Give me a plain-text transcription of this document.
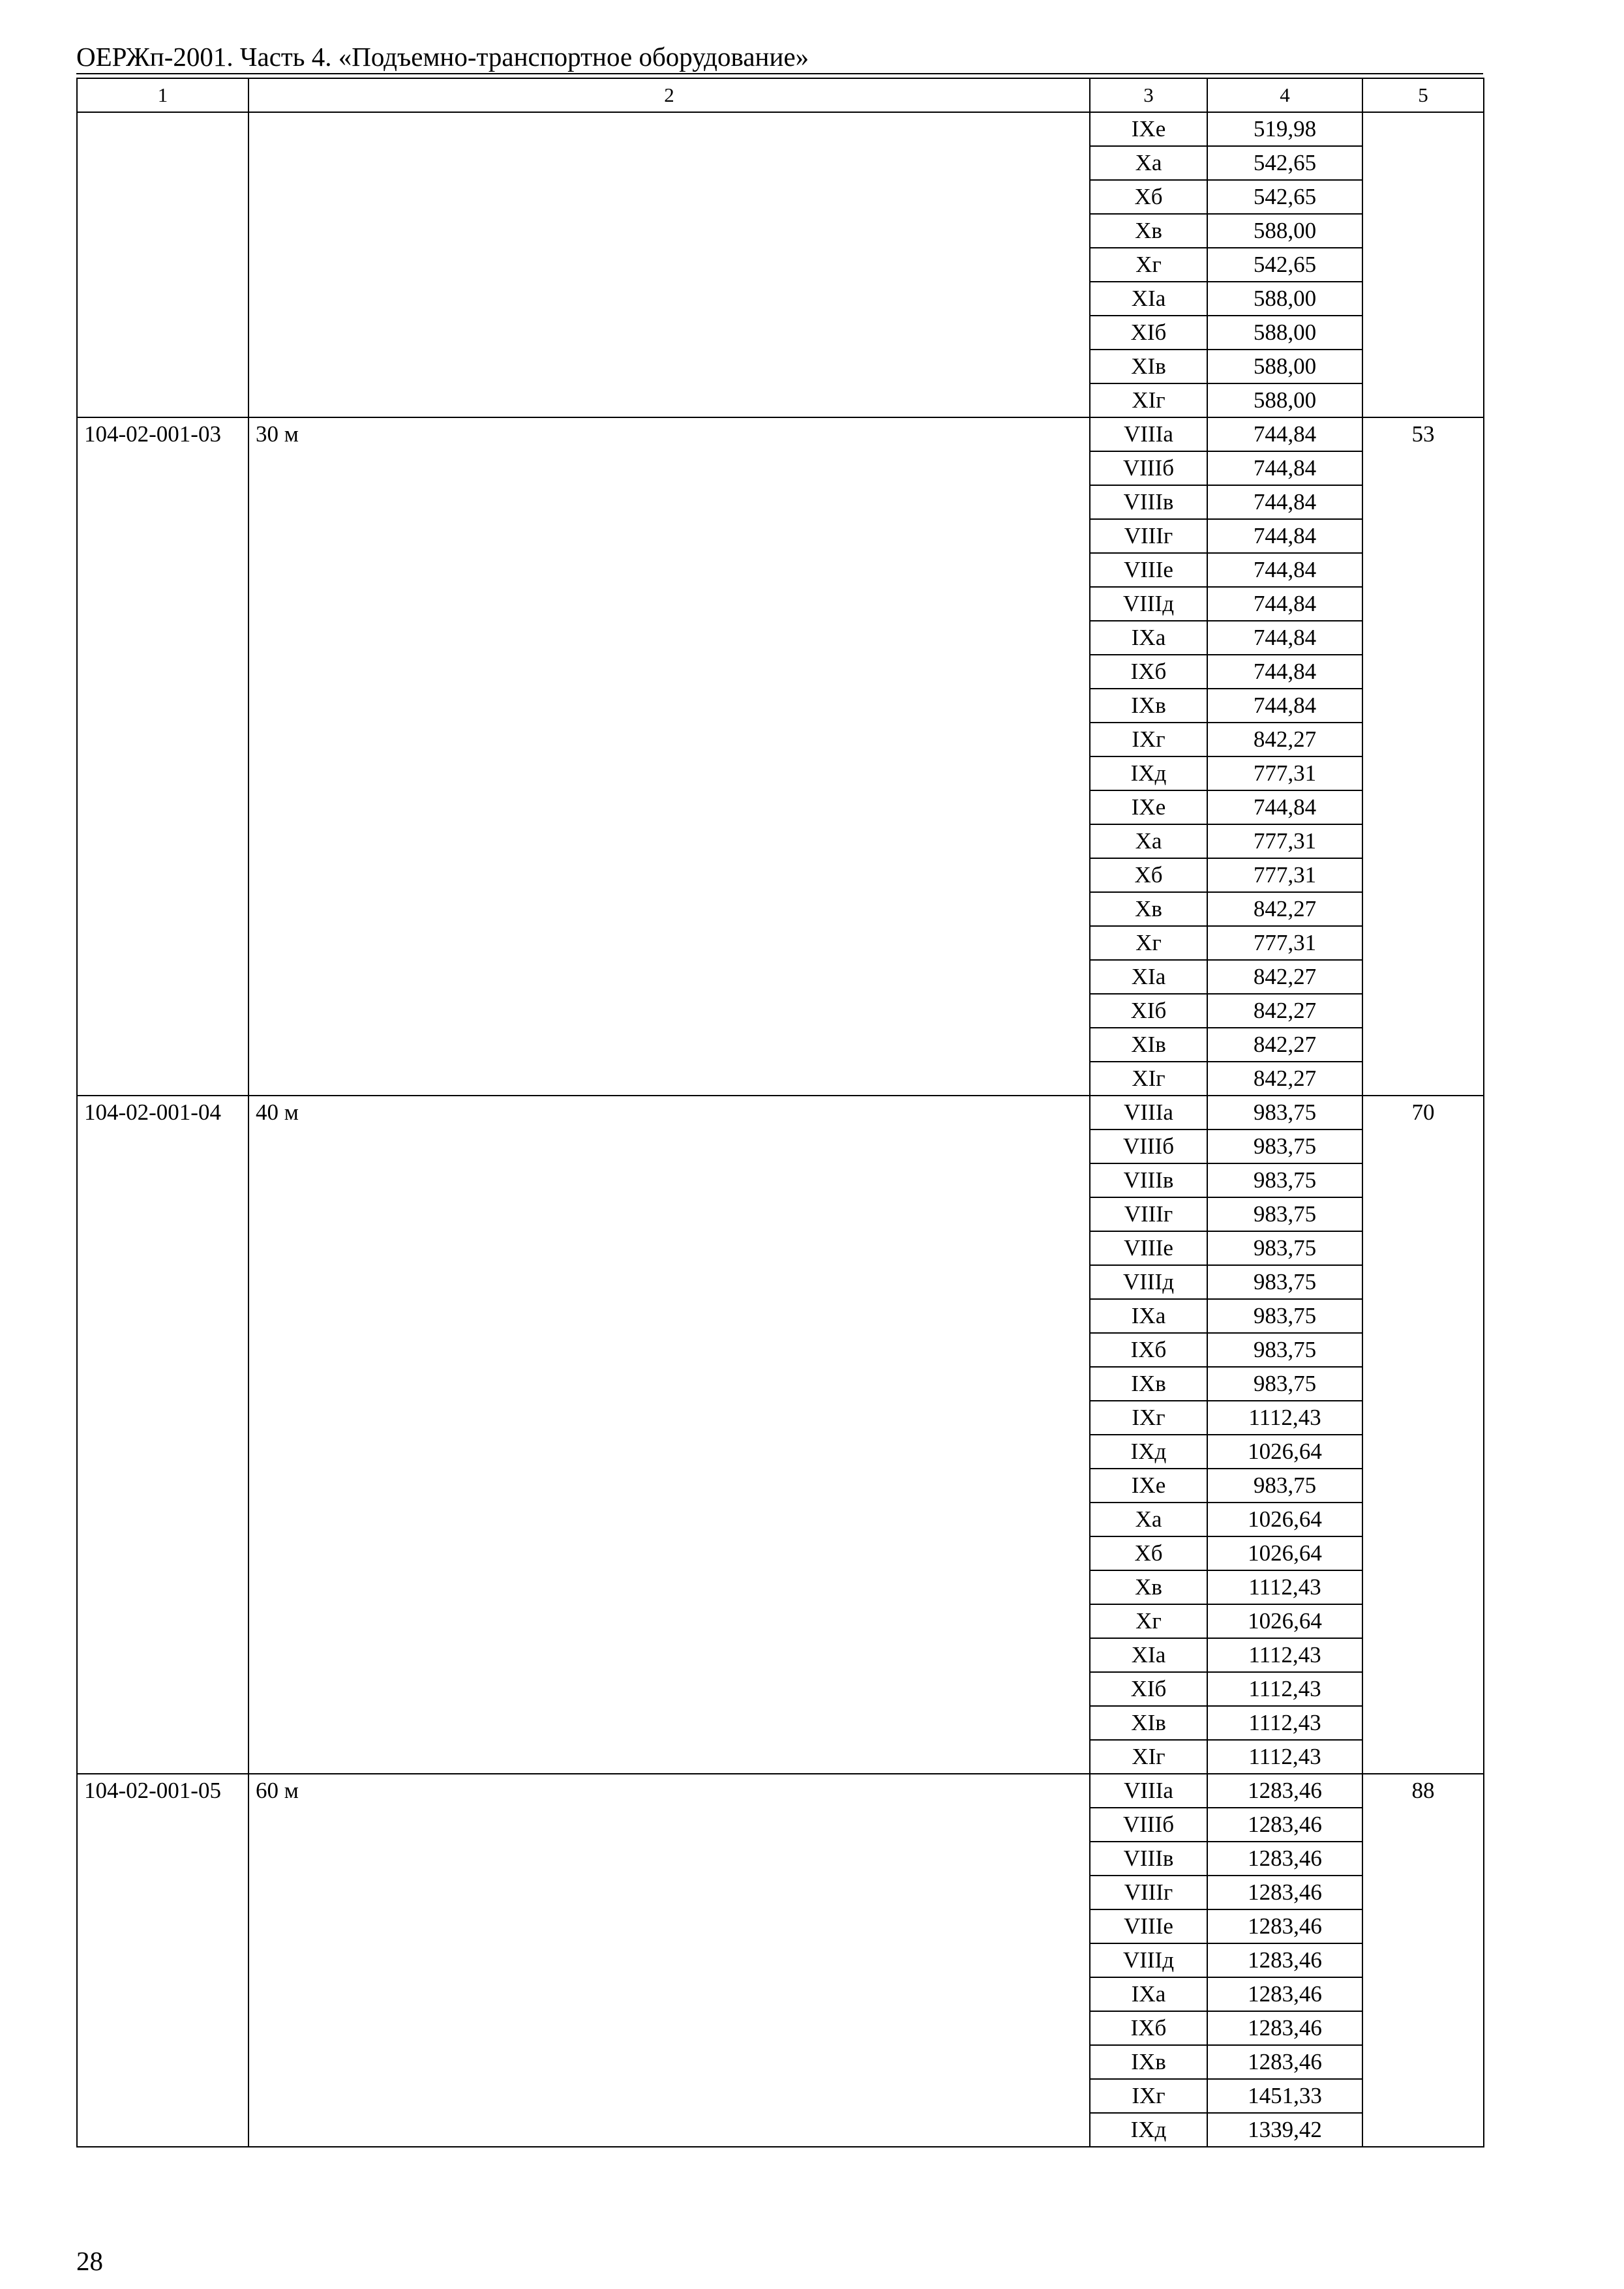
ОЕРЖп-2001. Часть 4. «Подъемно-транспортное оборудование»
1	2	3	4	5
		IXе	519,98	
		Xа	542,65	
		Xб	542,65	
		Xв	588,00	
		Xг	542,65	
		XIа	588,00	
		XIб	588,00	
		XIв	588,00	
		XIг	588,00	
104-02-001-03	30 м	VIIIа	744,84	53
		VIIIб	744,84	
		VIIIв	744,84	
		VIIIг	744,84	
		VIIIе	744,84	
		VIIIд	744,84	
		IXа	744,84	
		IXб	744,84	
		IXв	744,84	
		IXг	842,27	
		IXд	777,31	
		IXе	744,84	
		Xа	777,31	
		Xб	777,31	
		Xв	842,27	
		Xг	777,31	
		XIа	842,27	
		XIб	842,27	
		XIв	842,27	
		XIг	842,27	
104-02-001-04	40 м	VIIIа	983,75	70
		VIIIб	983,75	
		VIIIв	983,75	
		VIIIг	983,75	
		VIIIе	983,75	
		VIIIд	983,75	
		IXа	983,75	
		IXб	983,75	
		IXв	983,75	
		IXг	1112,43	
		IXд	1026,64	
		IXе	983,75	
		Xа	1026,64	
		Xб	1026,64	
		Xв	1112,43	
		Xг	1026,64	
		XIа	1112,43	
		XIб	1112,43	
		XIв	1112,43	
		XIг	1112,43	
104-02-001-05	60 м	VIIIа	1283,46	88
		VIIIб	1283,46	
		VIIIв	1283,46	
		VIIIг	1283,46	
		VIIIе	1283,46	
		VIIIд	1283,46	
		IXа	1283,46	
		IXб	1283,46	
		IXв	1283,46	
		IXг	1451,33	
		IXд	1339,42	
28
